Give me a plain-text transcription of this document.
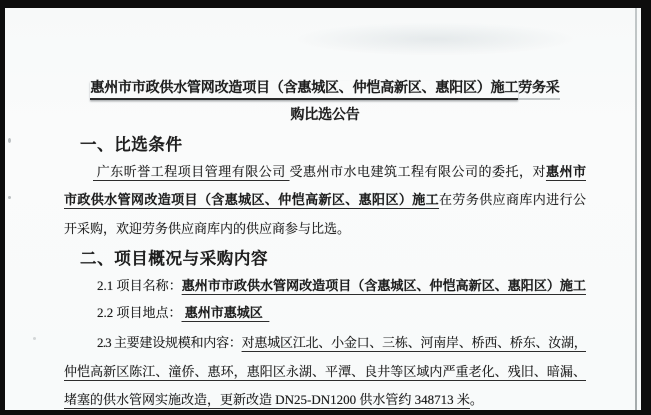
惠州市市政供水管网改造项目（含惠城区、仲恺高新区、惠阳区）施工劳务采
购比选公告
一、比选条件
广东昕誉工程项目管理有限公司 受惠州市水电建筑工程有限公司的委托，对惠州市
市政供水管网改造项目（含惠城区、仲恺高新区、惠阳区）施工在劳务供应商库内进行公
开采购，欢迎劳务供应商库内的供应商参与比选。
二、项目概况与采购内容
2.1 项目名称：惠州市市政供水管网改造项目（含惠城区、仲恺高新区、惠阳区）施工
2.2 项目地点： 惠州市惠城区
2.3 主要建设规模和内容：对惠城区江北、小金口、三栋、河南岸、桥西、桥东、汝湖，
仲恺高新区陈江、潼侨、惠环，惠阳区永湖、平潭、良井等区域内严重老化、残旧、暗漏、
堵塞的供水管网实施改造，更新改造 DN25-DN1200 供水管约 348713 米。
